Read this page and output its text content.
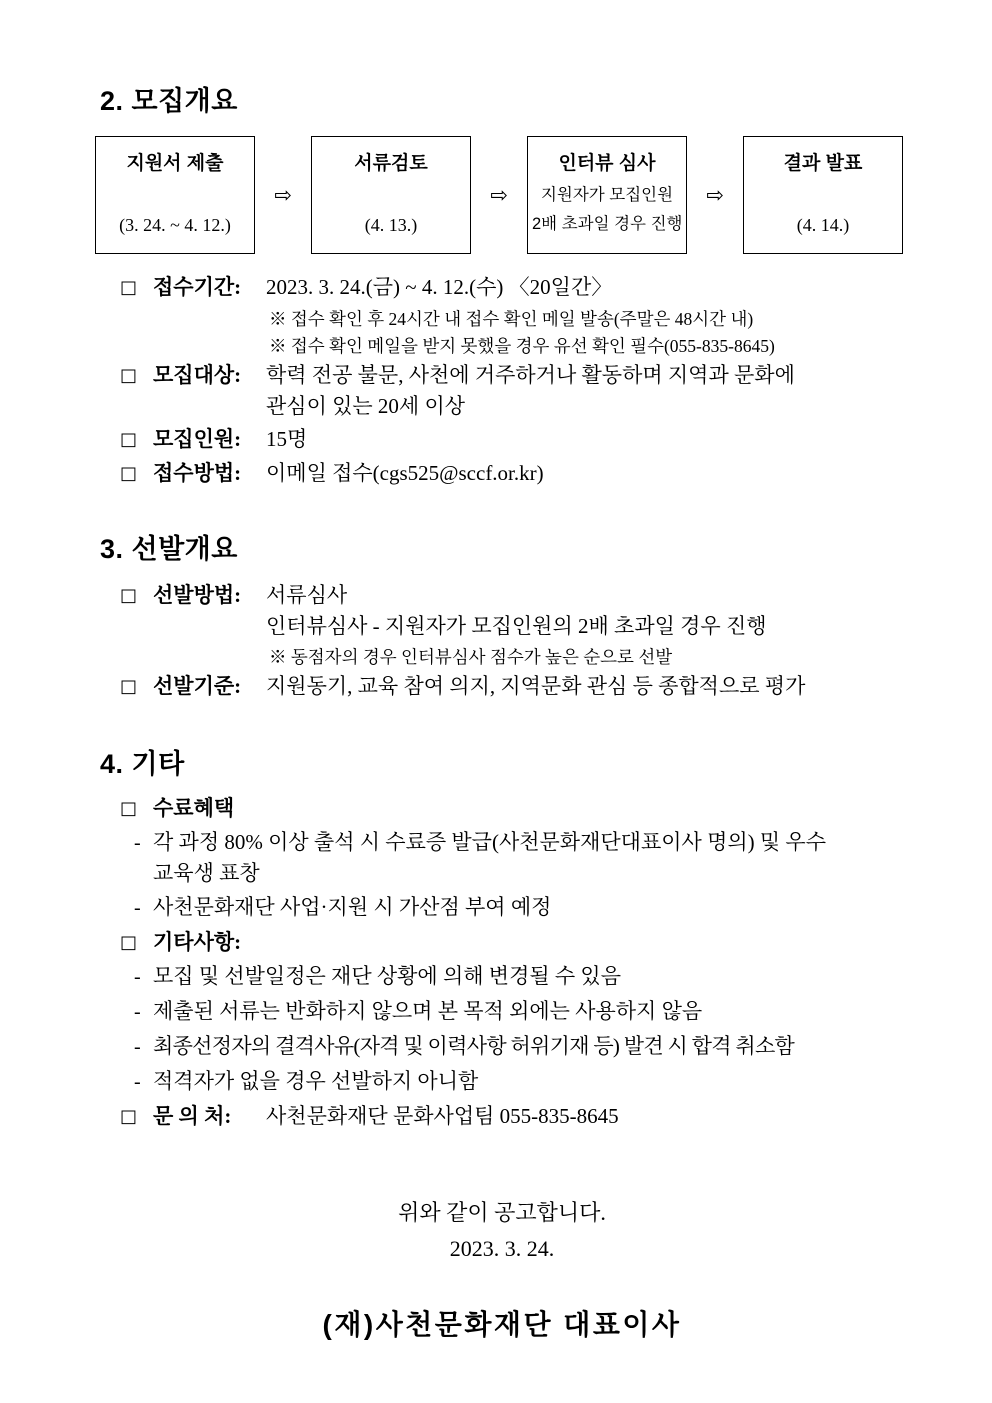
2. 모집개요
지원서 제출
(3. 24. ~ 4. 12.)
⇨
서류검토
(4. 13.)
⇨
인터뷰 심사
지원자가 모집인원
2배 초과일 경우 진행
⇨
결과 발표
(4. 14.)
□ 접수기간:	2023. 3. 24.(금) ~ 4. 12.(수) 〈20일간〉
※ 접수 확인 후 24시간 내 접수 확인 메일 발송(주말은 48시간 내)
※ 접수 확인 메일을 받지 못했을 경우 유선 확인 필수(055-835-8645)
□ 모집대상:	학력 전공 불문, 사천에 거주하거나 활동하며 지역과 문화에
관심이 있는 20세 이상
□ 모집인원:	15명
□ 접수방법:	이메일 접수(cgs525@sccf.or.kr)
3. 선발개요
□ 선발방법:	서류심사
인터뷰심사 - 지원자가 모집인원의 2배 초과일 경우 진행
※ 동점자의 경우 인터뷰심사 점수가 높은 순으로 선발
□ 선발기준:	지원동기, 교육 참여 의지, 지역문화 관심 등 종합적으로 평가
4. 기타
□ 수료혜택
- 각 과정 80% 이상 출석 시 수료증 발급(사천문화재단대표이사 명의) 및 우수
교육생 표창
- 사천문화재단 사업·지원 시 가산점 부여 예정
□ 기타사항:
- 모집 및 선발일정은 재단 상황에 의해 변경될 수 있음
- 제출된 서류는 반화하지 않으며 본 목적 외에는 사용하지 않음
- 최종선정자의 결격사유(자격 및 이력사항 허위기재 등) 발견 시 합격 취소함
- 적격자가 없을 경우 선발하지 아니함
□ 문 의 처:	사천문화재단 문화사업팀 055-835-8645
위와 같이 공고합니다.
2023. 3. 24.
(재)사천문화재단 대표이사
